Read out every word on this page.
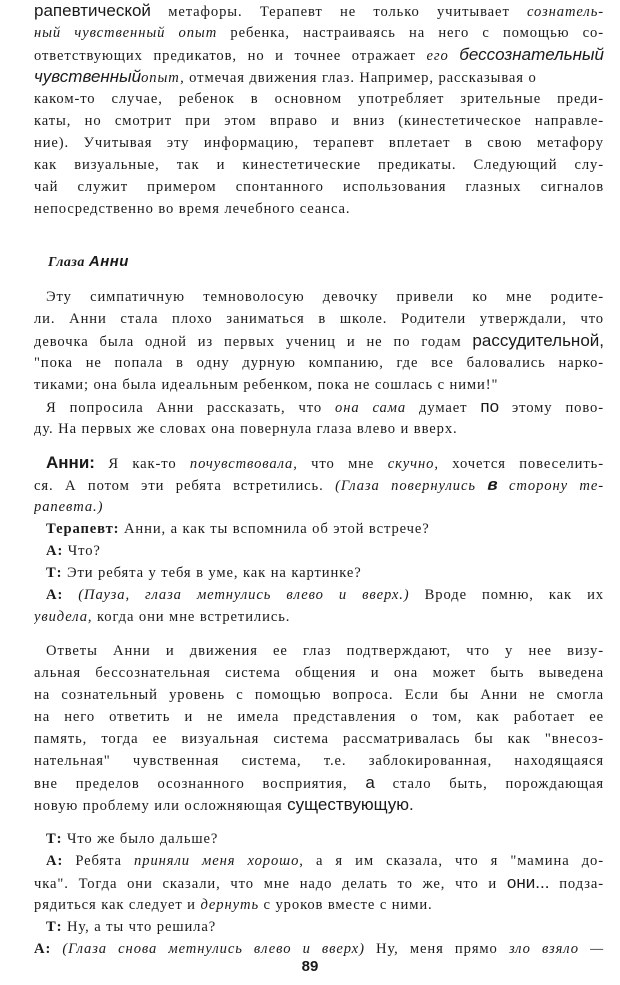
рапевтической метафоры. Терапевт не только учитывает сознатель-

ный чувственный опыт ребенка, настраиваясь на него с помощью со-

ответствующих предикатов, но и точнее отражает его бессознательный

чувственныйопыт, отмечая движения глаз. Например, рассказывая о

каком-то случае, ребенок в основном употребляет зрительные преди-

каты, но смотрит при этом вправо и вниз (кинестетическое направле-

ние). Учитывая эту информацию, терапевт вплетает в свою метафору

как визуальные, так и кинестетические предикаты. Следующий слу-

чай служит примером спонтанного использования глазных сигналов

непосредственно во время лечебного сеанса.

Глаза Анни

Эту симпатичную темноволосую девочку привели ко мне родите-

ли. Анни стала плохо заниматься в школе. Родители утверждали, что

девочка была одной из первых учениц и не по годам рассудительной,

"пока не попала в одну дурную компанию, где все баловались нарко-

тиками; она была идеальным ребенком, пока не сошлась с ними!"

Я попросила Анни рассказать, что она сама думает по этому пово-

ду. На первых же словах она повернула глаза влево и вверх.

Анни: Я как-то почувствовала, что мне скучно, хочется повеселить-

ся. А потом эти ребята встретились. (Глаза повернулись в сторону те-

рапевта.)

Терапевт: Анни, а как ты вспомнила об этой встрече?

А: Что?

Т: Эти ребята у тебя в уме, как на картинке?

А: (Пауза, глаза метнулись влево и вверх.) Вроде помню, как их

увидела, когда они мне встретились.

Ответы Анни и движения ее глаз подтверждают, что у нее визу-

альная бессознательная система общения и она может быть выведена

на сознательный уровень с помощью вопроса. Если бы Анни не смогла

на него ответить и не имела представления о том, как работает ее

память, тогда ее визуальная система рассматривалась бы как "внесоз-

нательная" чувственная система, т.е. заблокированная, находящаяся

вне пределов осознанного восприятия, а стало быть, порождающая

новую проблему или осложняющая существующую.

Т: Что же было дальше?

А: Ребята приняли меня хорошо, а я им сказала, что я "мамина до-

чка". Тогда они сказали, что мне надо делать то же, что и они... подза-

рядиться как следует и дернуть с уроков вместе с ними.

Т: Ну, а ты что решила?

А: (Глаза снова метнулись влево и вверх) Ну, меня прямо зло взяло —

89
